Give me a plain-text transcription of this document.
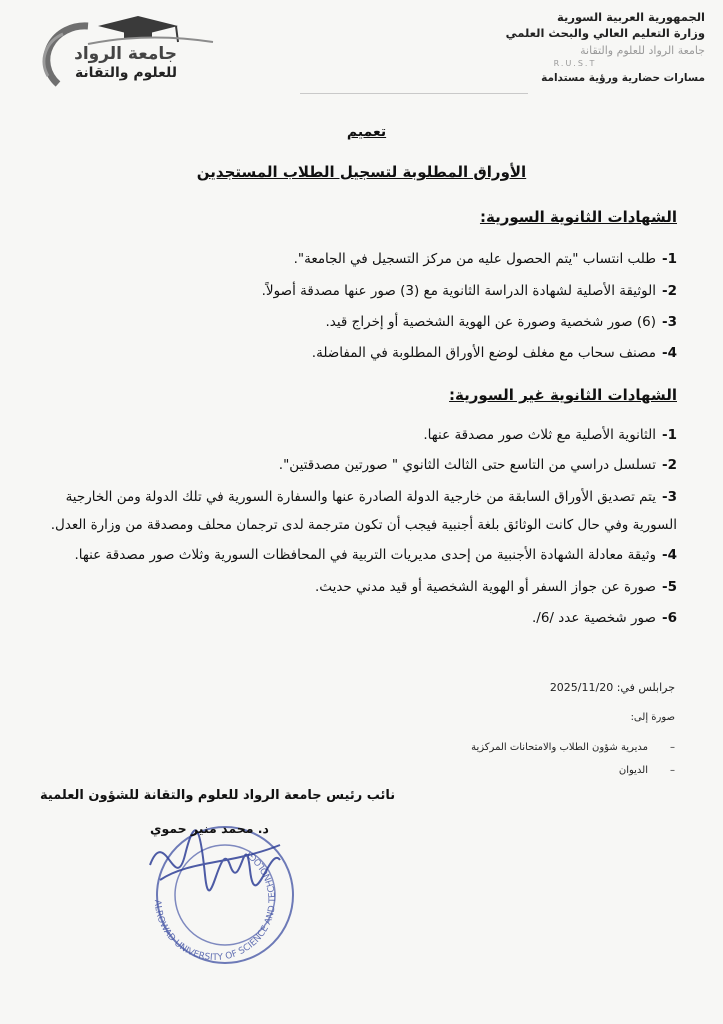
جامعة الرواد
للعلوم والتقانة
الجمهورية العربية السورية
وزارة التعليم العالي والبحث العلمي
جامعة الرواد للعلوم والتقانة
R.U.S.T
مسارات حضارية ورؤية مستدامة
تعميم
الأوراق المطلوبة لتسجيل الطلاب المستجدين
الشهادات الثانوية السورية:
1-طلب انتساب "يتم الحصول عليه من مركز التسجيل في الجامعة".
2-الوثيقة الأصلية لشهادة الدراسة الثانوية مع (3) صور عنها مصدقة أصولاً.
3-(6) صور شخصية وصورة عن الهوية الشخصية أو إخراج قيد.
4-مصنف سحاب مع مغلف لوضع الأوراق المطلوبة في المفاضلة.
الشهادات الثانوية غير السورية:
1-الثانوية الأصلية مع ثلاث صور مصدقة عنها.
2-تسلسل دراسي من التاسع حتى الثالث الثانوي " صورتين مصدقتين".
3-يتم تصديق الأوراق السابقة من خارجية الدولة الصادرة عنها والسفارة السورية في تلك الدولة ومن الخارجية السورية وفي حال كانت الوثائق بلغة أجنبية فيجب أن تكون مترجمة لدى ترجمان محلف ومصدقة من وزارة العدل.
4-وثيقة معادلة الشهادة الأجنبية من إحدى مديريات التربية في المحافظات السورية وثلاث صور مصدقة عنها.
5-صورة عن جواز السفر أو الهوية الشخصية أو قيد مدني حديث.
6-صور شخصية عدد /6/.
جرابلس في: 2025/11/20
صورة إلى:
–مديرية شؤون الطلاب والامتحانات المركزية
–الديوان
نائب رئيس جامعة الرواد للعلوم والتقانة للشؤون العلمية
ALROWAD UNIVERSITY OF SCIENCE AND TECHNOLOGY
د. محمد منير حموي
